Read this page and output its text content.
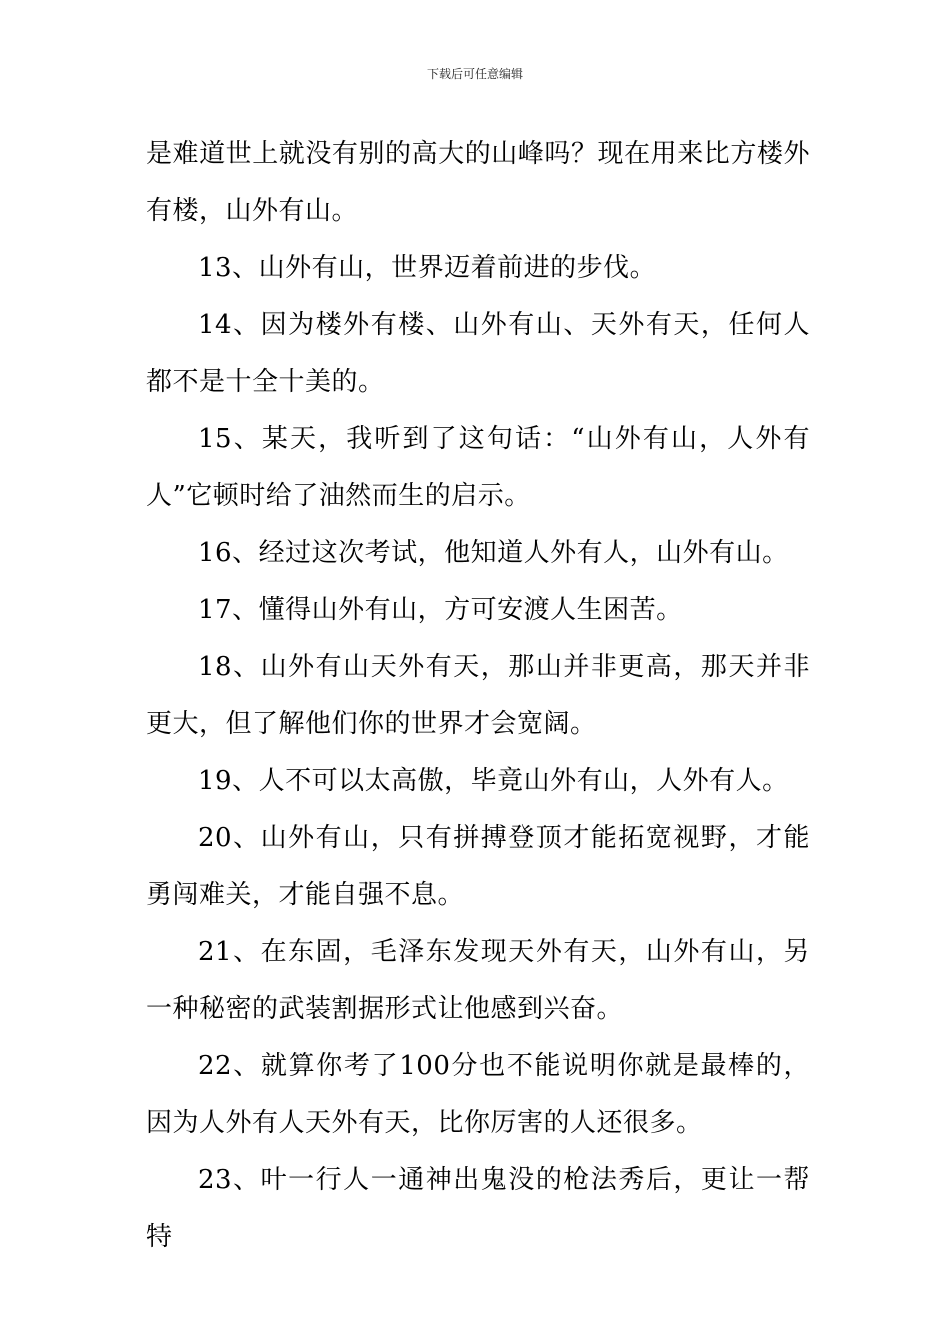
下载后可任意编辑

是难道世上就没有别的高大的山峰吗？现在用来比方楼外有楼，山外有山。

13、山外有山，世界迈着前进的步伐。

14、因为楼外有楼、山外有山、天外有天，任何人都不是十全十美的。

15、某天，我听到了这句话：“山外有山，人外有人”它顿时给了油然而生的启示。

16、经过这次考试，他知道人外有人，山外有山。

17、懂得山外有山，方可安渡人生困苦。

18、山外有山天外有天，那山并非更高，那天并非更大，但了解他们你的世界才会宽阔。

19、人不可以太高傲，毕竟山外有山，人外有人。

20、山外有山，只有拼搏登顶才能拓宽视野，才能勇闯难关，才能自强不息。

21、在东固，毛泽东发现天外有天，山外有山，另一种秘密的武装割据形式让他感到兴奋。

22、就算你考了100分也不能说明你就是最棒的，因为人外有人天外有天，比你厉害的人还很多。

23、叶一行人一通神出鬼没的枪法秀后，更让一帮特
